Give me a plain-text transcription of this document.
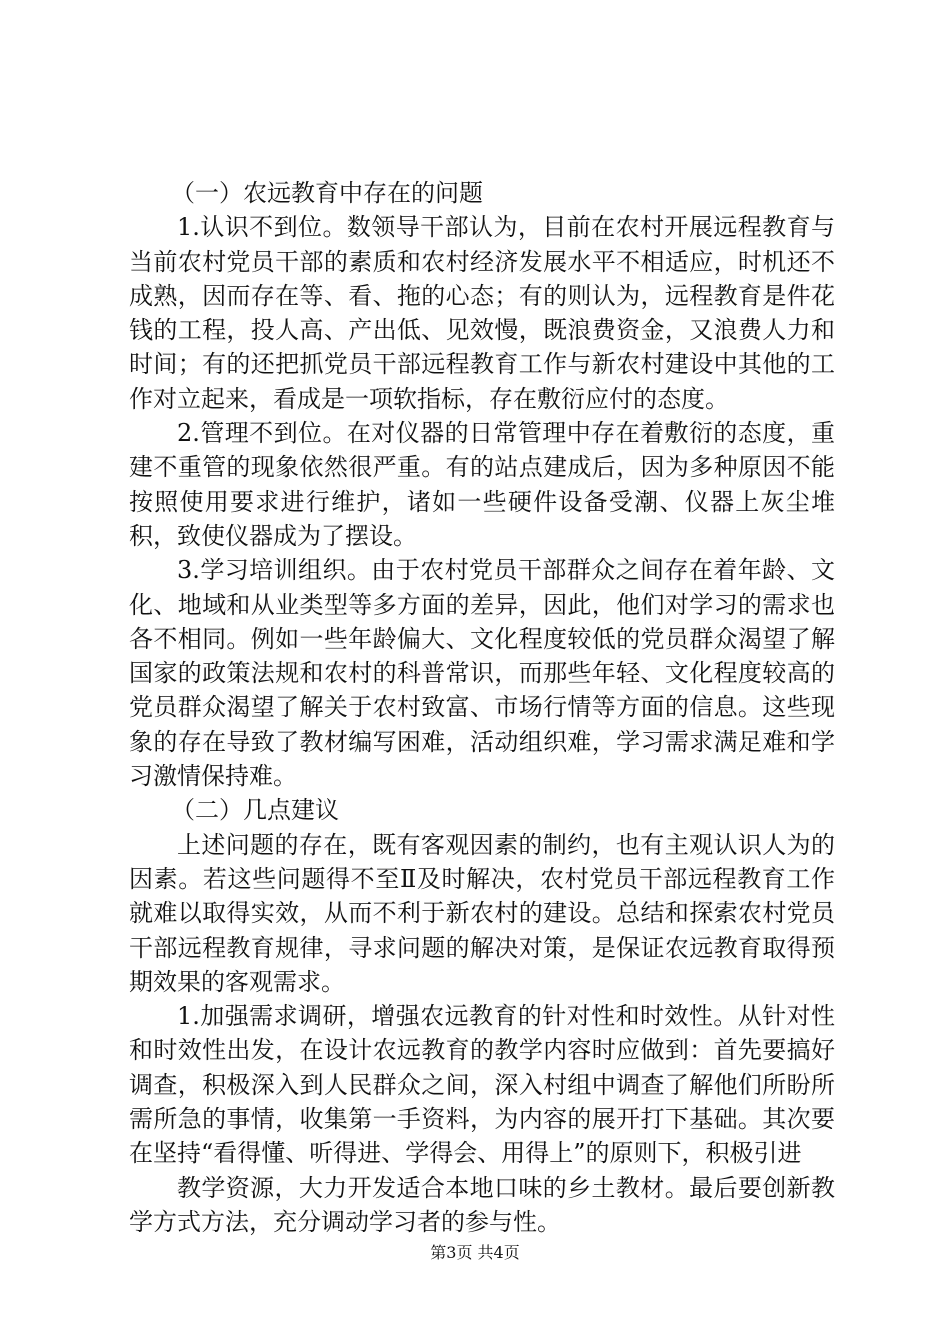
（一）农远教育中存在的问题

1.认识不到位。数领导干部认为，目前在农村开展远程教育与当前农村党员干部的素质和农村经济发展水平不相适应，时机还不成熟，因而存在等、看、拖的心态；有的则认为，远程教育是件花钱的工程，投人高、产出低、见效慢，既浪费资金，又浪费人力和时间；有的还把抓党员干部远程教育工作与新农村建设中其他的工作对立起来，看成是一项软指标，存在敷衍应付的态度。

2.管理不到位。在对仪器的日常管理中存在着敷衍的态度，重建不重管的现象依然很严重。有的站点建成后，因为多种原因不能按照使用要求进行维护，诸如一些硬件设备受潮、仪器上灰尘堆积，致使仪器成为了摆设。

3.学习培训组织。由于农村党员干部群众之间存在着年龄、文化、地域和从业类型等多方面的差异，因此，他们对学习的需求也各不相同。例如一些年龄偏大、文化程度较低的党员群众渴望了解国家的政策法规和农村的科普常识，而那些年轻、文化程度较高的党员群众渴望了解关于农村致富、市场行情等方面的信息。这些现象的存在导致了教材编写困难，活动组织难，学习需求满足难和学习激情保持难。

（二）几点建议

上述问题的存在，既有客观因素的制约，也有主观认识人为的因素。若这些问题得不至Ⅱ及时解决，农村党员干部远程教育工作就难以取得实效，从而不利于新农村的建设。总结和探索农村党员干部远程教育规律，寻求问题的解决对策，是保证农远教育取得预期效果的客观需求。

1.加强需求调研，增强农远教育的针对性和时效性。从针对性和时效性出发，在设计农远教育的教学内容时应做到：首先要搞好调查，积极深入到人民群众之间，深入村组中调查了解他们所盼所需所急的事情，收集第一手资料，为内容的展开打下基础。其次要在坚持“看得懂、听得进、学得会、用得上”的原则下，积极引进

教学资源，大力开发适合本地口味的乡土教材。最后要创新教学方式方法，充分调动学习者的参与性。

第3页 共4页
